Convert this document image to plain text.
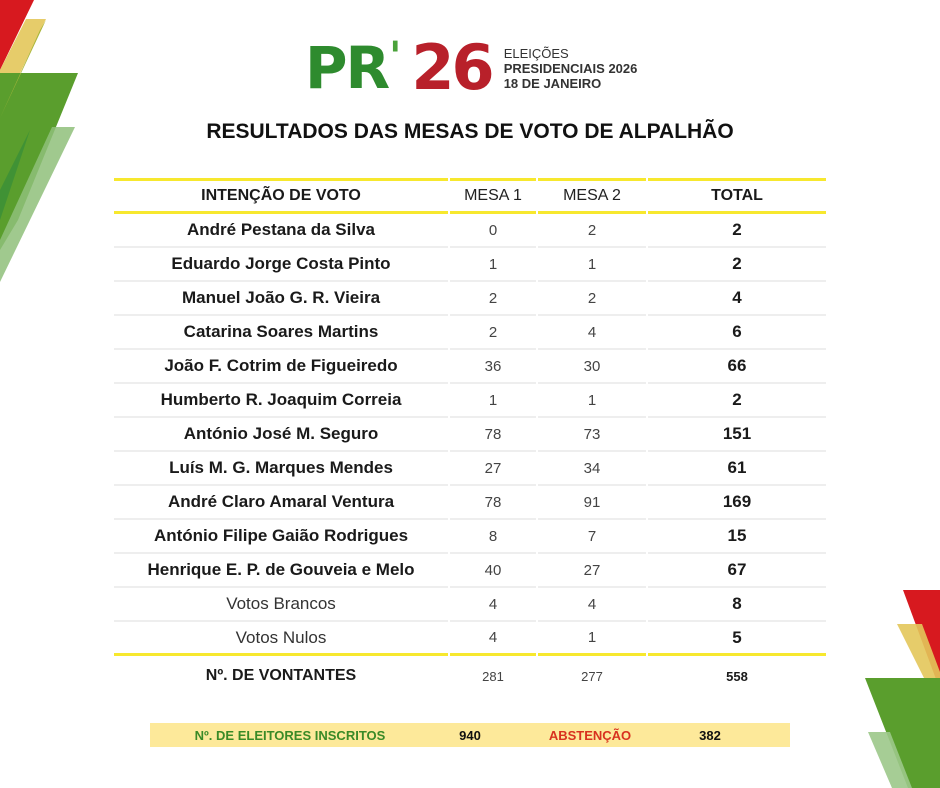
PR ' 26 ELEIÇÕES
PRESIDENCIAIS 2026
18 DE JANEIRO
RESULTADOS DAS MESAS DE VOTO DE ALPALHÃO
INTENÇÃO DE VOTO	MESA 1	MESA 2	TOTAL
André Pestana da Silva	0	2	2
Eduardo Jorge Costa Pinto	1	1	2
Manuel João G. R. Vieira	2	2	4
Catarina Soares Martins	2	4	6
João F. Cotrim de Figueiredo	36	30	66
Humberto R. Joaquim Correia	1	1	2
António José M. Seguro	78	73	151
Luís M. G. Marques Mendes	27	34	61
André Claro Amaral Ventura	78	91	169
António Filipe Gaião Rodrigues	8	7	15
Henrique E. P. de Gouveia e Melo	40	27	67
Votos Brancos	4	4	8
Votos Nulos	4	1	5
Nº. DE VONTANTES	281	277	558
Nº. DE ELEITORES INSCRITOS	940	ABSTENÇÃO	382
